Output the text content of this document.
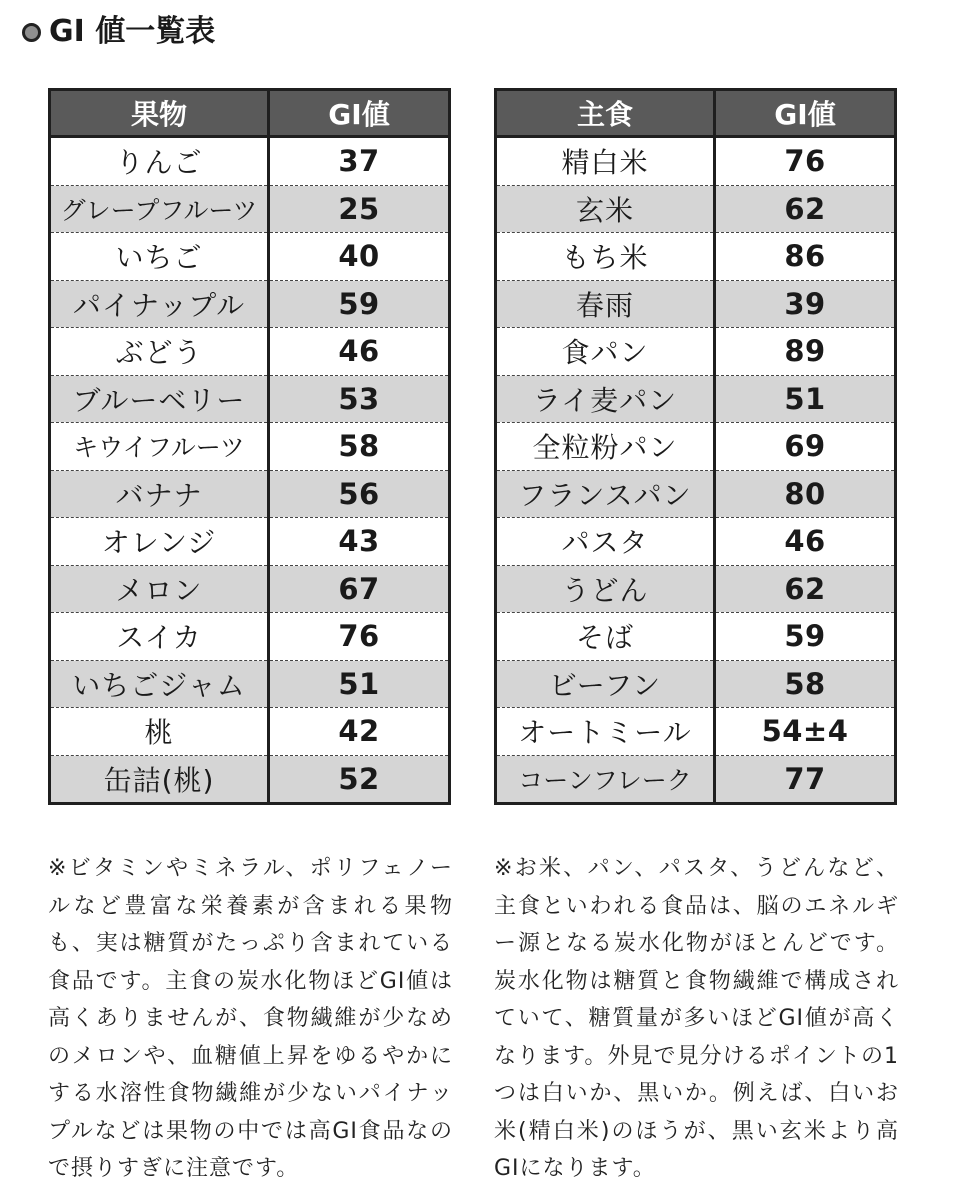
GI 値一覧表
果物	GI値
りんご	37
グレープフルーツ	25
いちご	40
パイナップル	59
ぶどう	46
ブルーベリー	53
キウイフルーツ	58
バナナ	56
オレンジ	43
メロン	67
スイカ	76
いちごジャム	51
桃	42
缶詰(桃)	52
主食	GI値
精白米	76
玄米	62
もち米	86
春雨	39
食パン	89
ライ麦パン	51
全粒粉パン	69
フランスパン	80
パスタ	46
うどん	62
そば	59
ビーフン	58
オートミール	54±4
コーンフレーク	77

※ビタミンやミネラル、ポリフェノールなど豊富な栄養素が含まれる果物も、実は糖質がたっぷり含まれている食品です。主食の炭水化物ほどGI値は高くありませんが、食物繊維が少なめのメロンや、血糖値上昇をゆるやかにする水溶性食物繊維が少ないパイナップルなどは果物の中では高GI食品なので摂りすぎに注意です。

※お米、パン、パスタ、うどんなど、主食といわれる食品は、脳のエネルギー源となる炭水化物がほとんどです。炭水化物は糖質と食物繊維で構成されていて、糖質量が多いほどGI値が高くなります。外見で見分けるポイントの1つは白いか、黒いか。例えば、白いお米(精白米)のほうが、黒い玄米より高GIになります。
